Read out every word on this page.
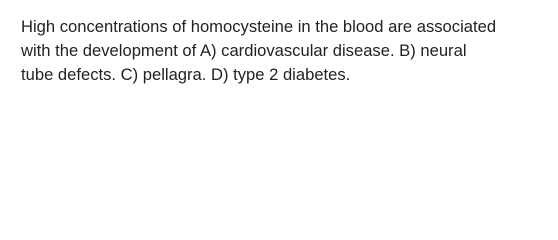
High concentrations of homocysteine in the blood are associated
with the development of A) cardiovascular disease. B) neural
tube defects. C) pellagra. D) type 2 diabetes.
